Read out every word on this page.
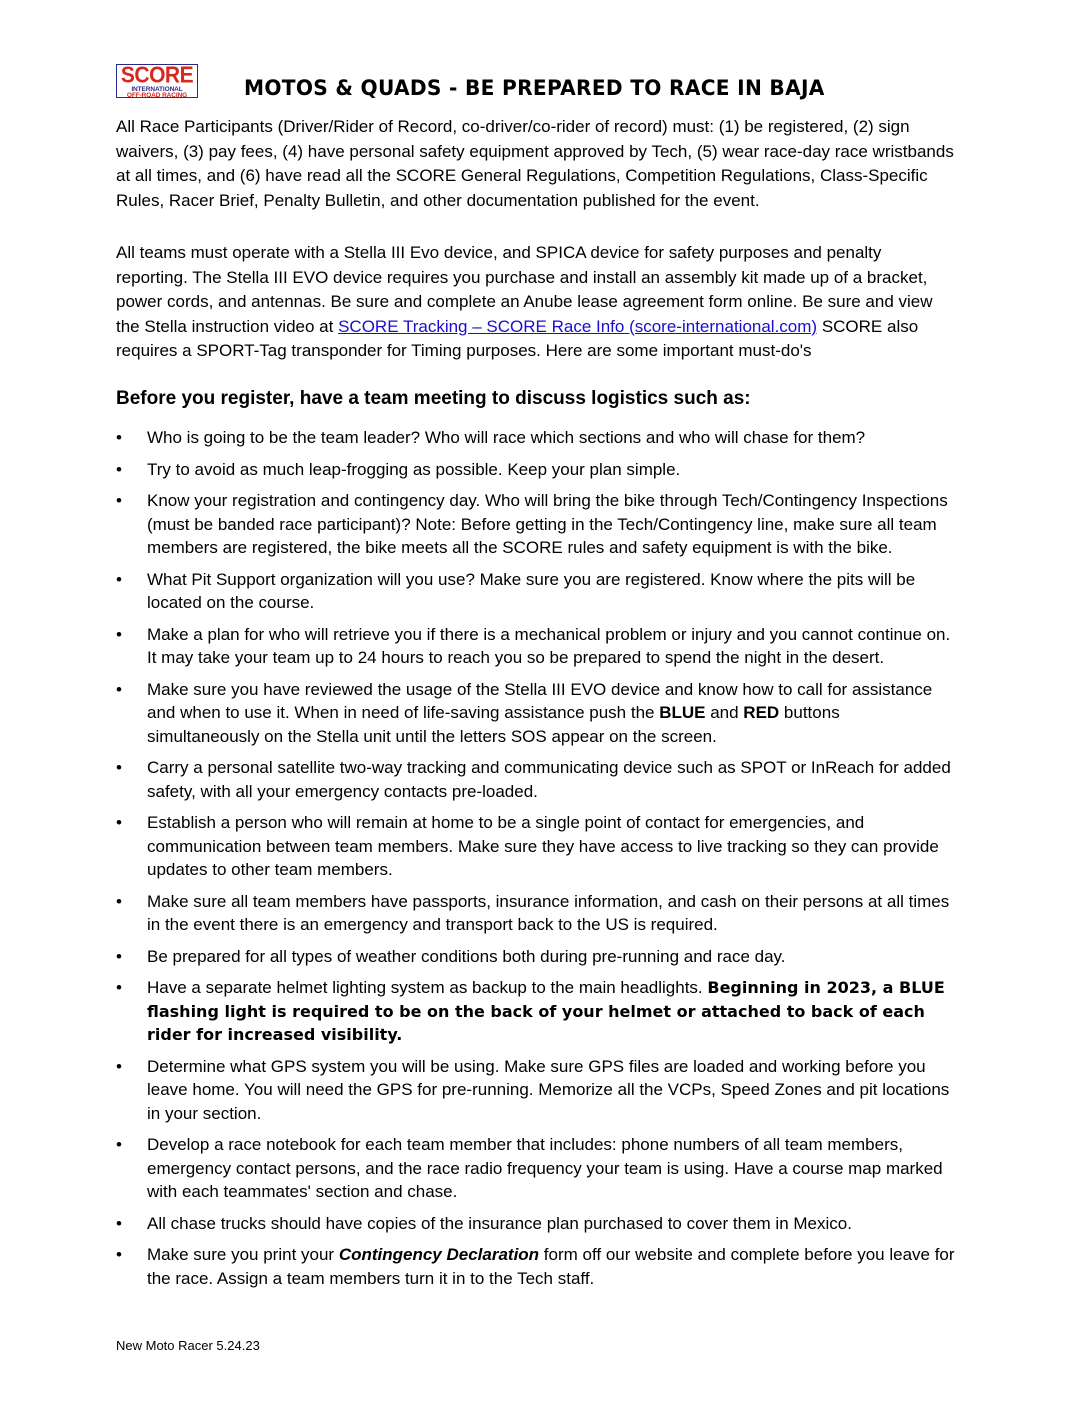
SCORE
INTERNATIONAL
OFF-ROAD RACING	MOTOS & QUADS - BE PREPARED TO RACE IN BAJA
All Race Participants (Driver/Rider of Record, co-driver/co-rider of record) must: (1) be registered, (2) sign waivers, (3) pay fees, (4) have personal safety equipment approved by Tech, (5) wear race-day race wristbands at all times, and (6) have read all the SCORE General Regulations, Competition Regulations, Class-Specific Rules, Racer Brief, Penalty Bulletin, and other documentation published for the event.
All teams must operate with a Stella III Evo device, and SPICA device for safety purposes and penalty reporting. The Stella III EVO device requires you purchase and install an assembly kit made up of a bracket, power cords, and antennas. Be sure and complete an Anube lease agreement form online. Be sure and view the Stella instruction video at SCORE Tracking – SCORE Race Info (score-international.com) SCORE also requires a SPORT-Tag transponder for Timing purposes. Here are some important must-do's
Before you register, have a team meeting to discuss logistics such as:
• Who is going to be the team leader? Who will race which sections and who will chase for them?
• Try to avoid as much leap-frogging as possible. Keep your plan simple.
• Know your registration and contingency day. Who will bring the bike through Tech/Contingency Inspections (must be banded race participant)? Note: Before getting in the Tech/Contingency line, make sure all team members are registered, the bike meets all the SCORE rules and safety equipment is with the bike.
• What Pit Support organization will you use? Make sure you are registered. Know where the pits will be located on the course.
• Make a plan for who will retrieve you if there is a mechanical problem or injury and you cannot continue on. It may take your team up to 24 hours to reach you so be prepared to spend the night in the desert.
• Make sure you have reviewed the usage of the Stella III EVO device and know how to call for assistance and when to use it. When in need of life-saving assistance push the BLUE and RED buttons simultaneously on the Stella unit until the letters SOS appear on the screen.
• Carry a personal satellite two-way tracking and communicating device such as SPOT or InReach for added safety, with all your emergency contacts pre-loaded.
• Establish a person who will remain at home to be a single point of contact for emergencies, and communication between team members. Make sure they have access to live tracking so they can provide updates to other team members.
• Make sure all team members have passports, insurance information, and cash on their persons at all times in the event there is an emergency and transport back to the US is required.
• Be prepared for all types of weather conditions both during pre-running and race day.
• Have a separate helmet lighting system as backup to the main headlights. Beginning in 2023, a BLUE flashing light is required to be on the back of your helmet or attached to back of each rider for increased visibility.
• Determine what GPS system you will be using. Make sure GPS files are loaded and working before you leave home. You will need the GPS for pre-running. Memorize all the VCPs, Speed Zones and pit locations in your section.
• Develop a race notebook for each team member that includes: phone numbers of all team members, emergency contact persons, and the race radio frequency your team is using. Have a course map marked with each teammates' section and chase.
• All chase trucks should have copies of the insurance plan purchased to cover them in Mexico.
• Make sure you print your Contingency Declaration form off our website and complete before you leave for the race. Assign a team members turn it in to the Tech staff.
New Moto Racer 5.24.23
